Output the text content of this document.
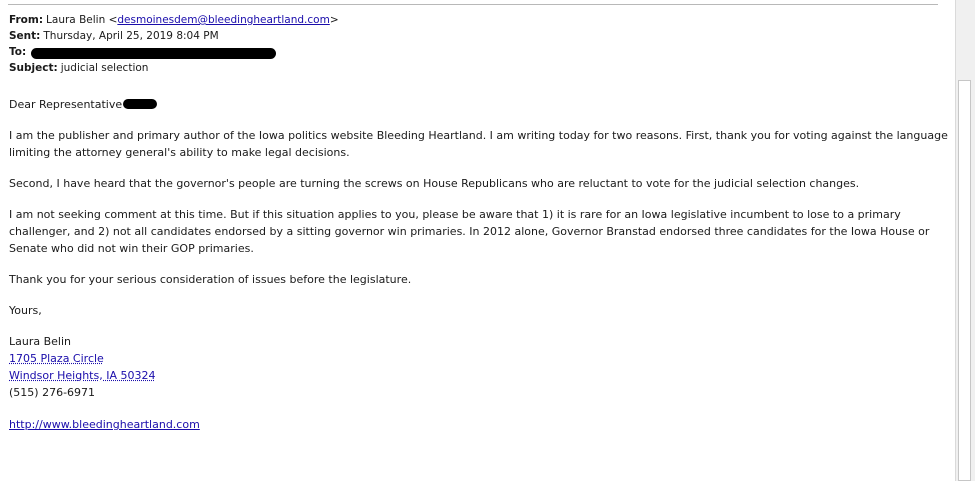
From: Laura Belin < desmoinesdem@bleedingheartland.com >
Sent: Thursday, April 25, 2019 8:04 PM
To:
Subject: judicial selection

Dear Representative

I am the publisher and primary author of the Iowa politics website Bleeding Heartland. I am writing today for two reasons. First, thank you for voting against the language limiting the attorney general's ability to make legal decisions.

Second, I have heard that the governor's people are turning the screws on House Republicans who are reluctant to vote for the judicial selection changes.

I am not seeking comment at this time. But if this situation applies to you, please be aware that 1) it is rare for an Iowa legislative incumbent to lose to a primary challenger, and 2) not all candidates endorsed by a sitting governor win primaries. In 2012 alone, Governor Branstad endorsed three candidates for the Iowa House or Senate who did not win their GOP primaries.

Thank you for your serious consideration of issues before the legislature.

Yours,

Laura Belin

1705 Plaza Circle

Windsor Heights, IA 50324

(515) 276-6971

http://www.bleedingheartland.com
